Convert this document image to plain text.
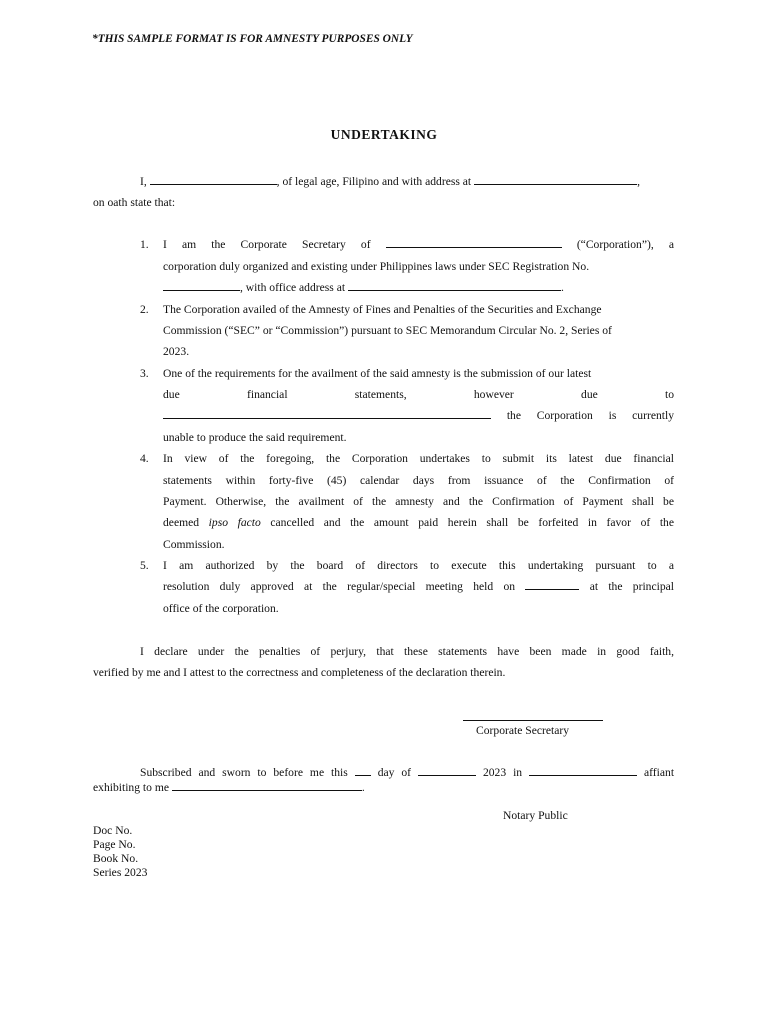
*THIS SAMPLE FORMAT IS FOR AMNESTY PURPOSES ONLY
UNDERTAKING
I,	, of legal age, Filipino and with address at	,
on oath state that:
1. I am the Corporate Secretary of	(“Corporation”), a
corporation duly organized and existing under Philippines laws under SEC Registration No.
, with office address at	.
2. The Corporation availed of the Amnesty of Fines and Penalties of the Securities and Exchange
Commission (“SEC” or “Commission”) pursuant to SEC Memorandum Circular No. 2, Series of
2023.
3. One of the requirements for the availment of the said amnesty is the submission of our latest
due	financial	statements,	however	due	to
the Corporation is currently
unable to produce the said requirement.
4. In view of the foregoing, the Corporation undertakes to submit its latest due financial
statements within forty-five (45) calendar days from issuance of the Confirmation of
Payment. Otherwise, the availment of the amnesty and the Confirmation of Payment shall be
deemed ipso facto cancelled and the amount paid herein shall be forfeited in favor of the
Commission.
5. I am authorized by the board of directors to execute this undertaking pursuant to a
resolution duly approved at the regular/special meeting held on	at the principal
office of the corporation.
I declare under the penalties of perjury, that these statements have been made in good faith,
verified by me and I attest to the correctness and completeness of the declaration therein.
Corporate Secretary
Subscribed and sworn to before me this	day of	2023 in	affiant
exhibiting to me	.
Notary Public
Doc No.
Page No.
Book No.
Series 2023
